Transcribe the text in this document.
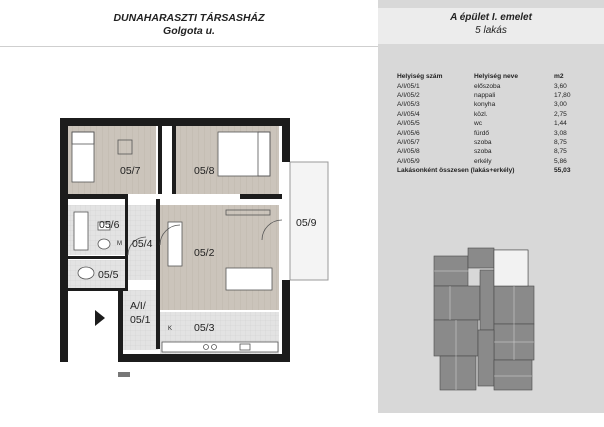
DUNAHARASZTI TÁRSASHÁZ
Golgota u.
A épület I. emelet
5 lakás
Helyiség szám	Helyiség neve	m2
A/I/05/1	előszoba	3,60
A/I/05/2	nappali	17,80
A/I/05/3	konyha	3,00
A/I/05/4	közl.	2,75
A/I/05/5	wc	1,44
A/I/05/6	fürdő	3,08
A/I/05/7	szoba	8,75
A/I/05/8	szoba	8,75
A/I/05/9	erkély	5,86
Lakásonként összesen (lakás+erkély)		55,03
05/7	05/8
05/9
05/6
05/4
05/2
05/5
A/I/
05/1
05/3
M
K
